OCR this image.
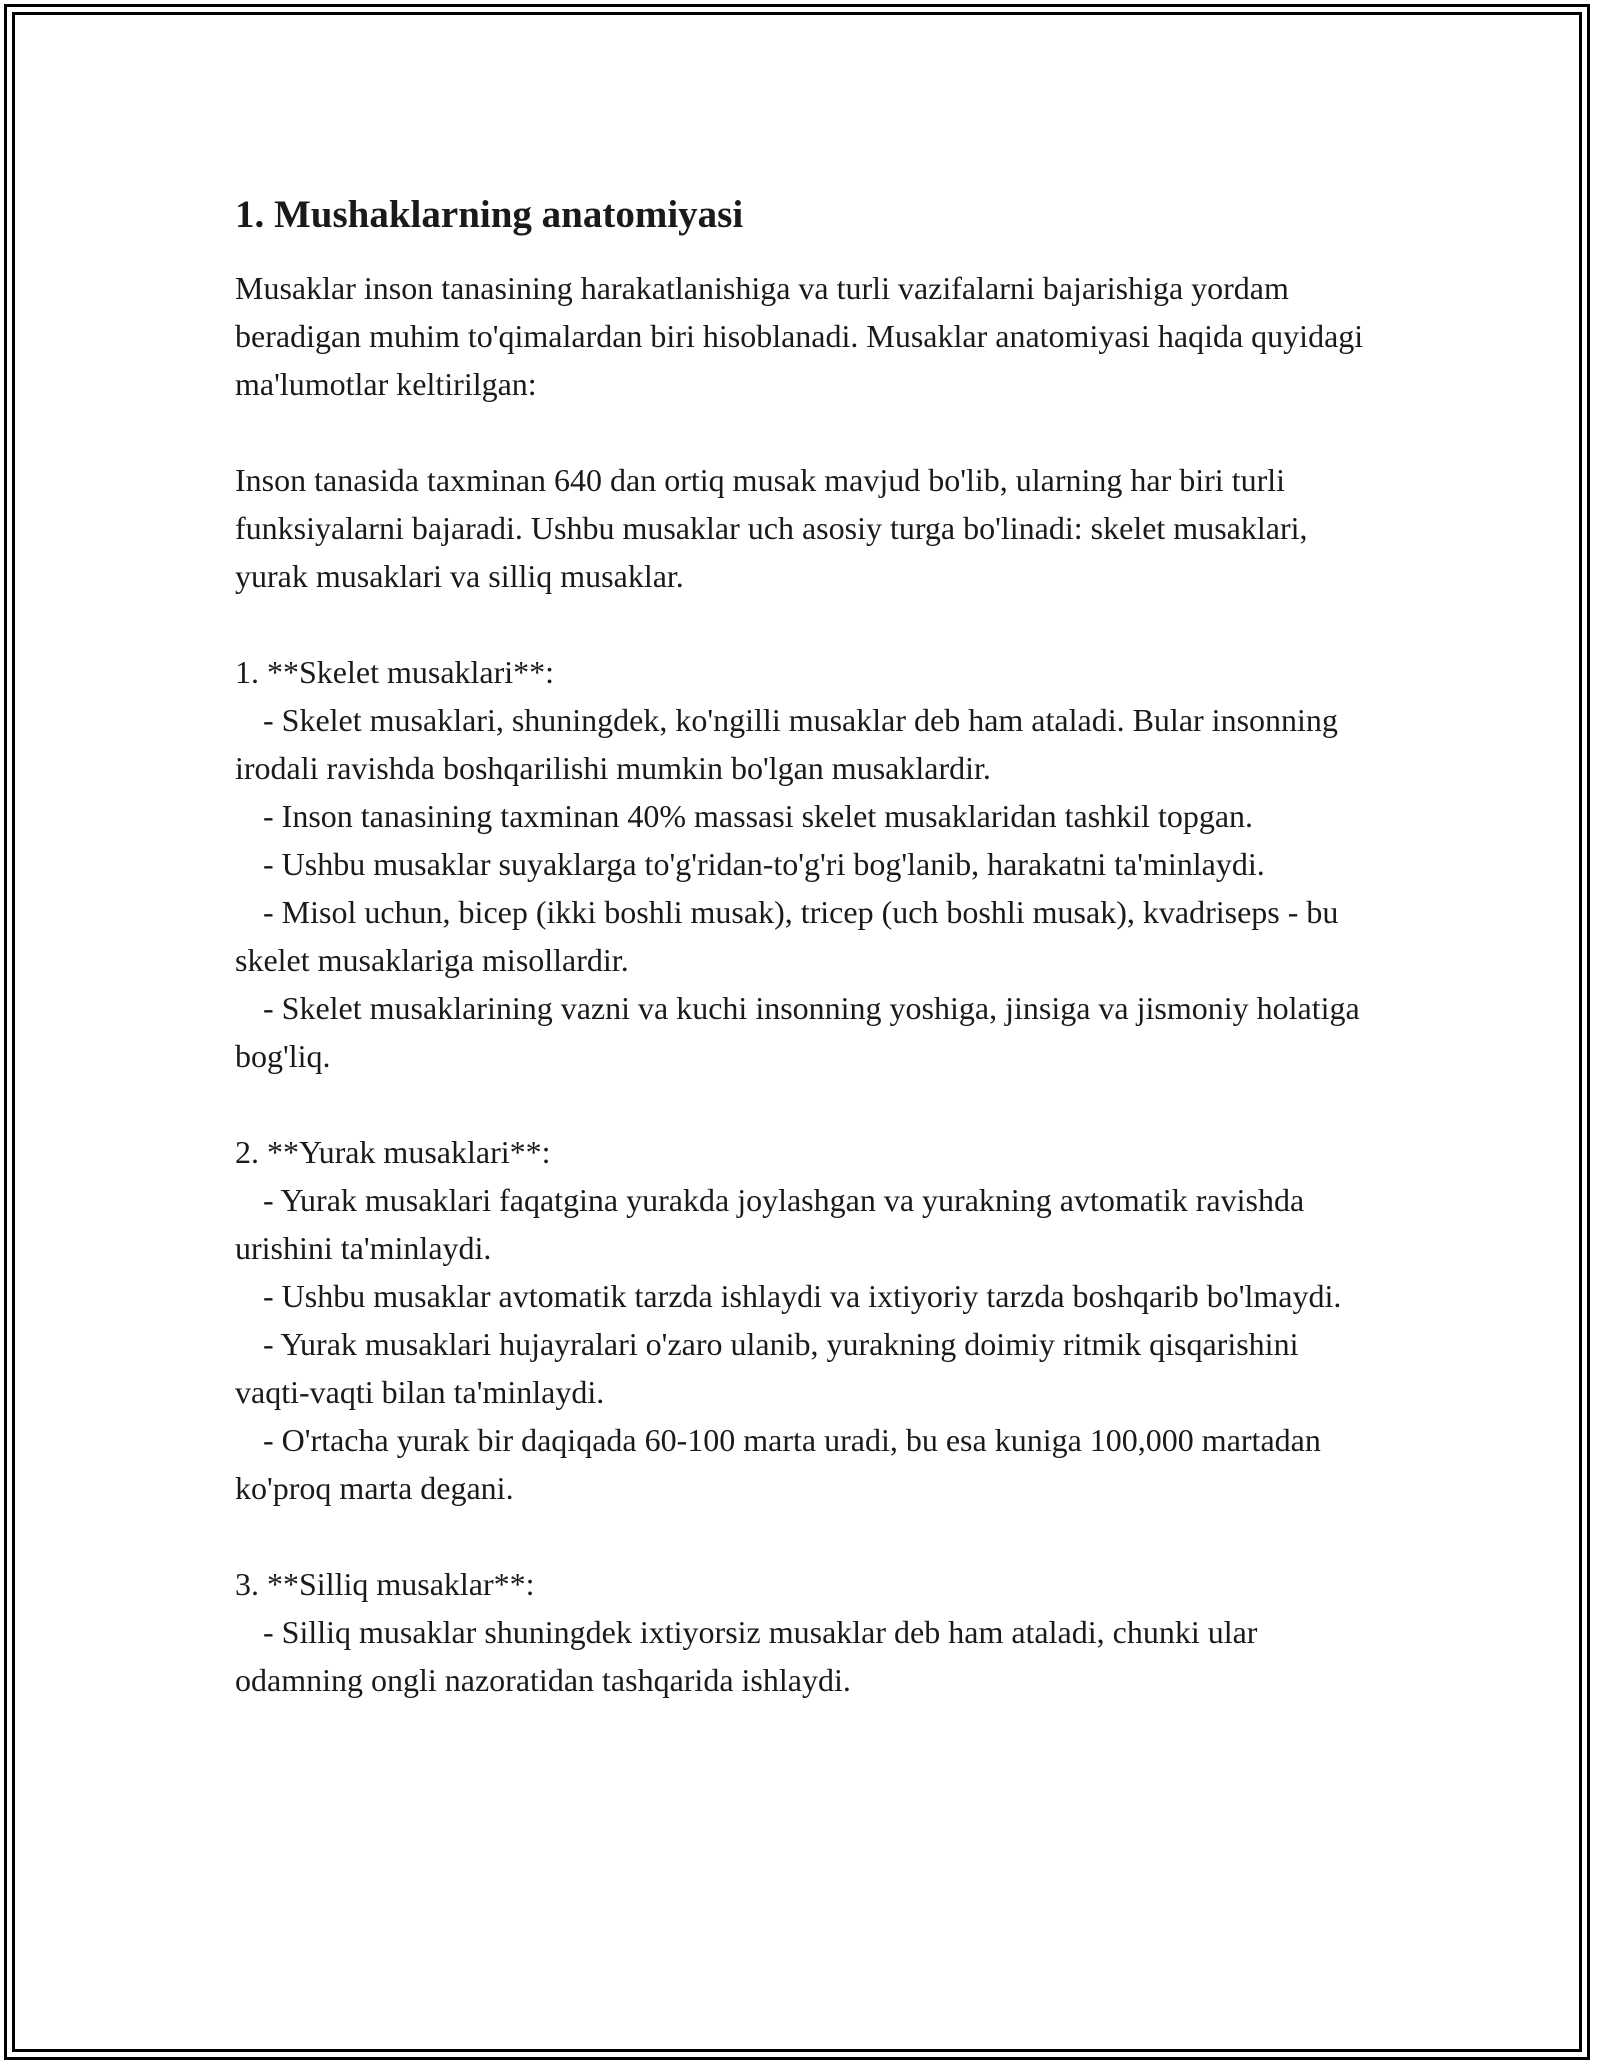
1. Mushaklarning anatomiyasi

Musaklar inson tanasining harakatlanishiga va turli vazifalarni bajarishiga yordam beradigan muhim to'qimalardan biri hisoblanadi. Musaklar anatomiyasi haqida quyidagi ma'lumotlar keltirilgan:

Inson tanasida taxminan 640 dan ortiq musak mavjud bo'lib, ularning har biri turli funksiyalarni bajaradi. Ushbu musaklar uch asosiy turga bo'linadi: skelet musaklari, yurak musaklari va silliq musaklar.

1. **Skelet musaklari**:

- Skelet musaklari, shuningdek, ko'ngilli musaklar deb ham ataladi. Bular insonning irodali ravishda boshqarilishi mumkin bo'lgan musaklardir.

- Inson tanasining taxminan 40% massasi skelet musaklaridan tashkil topgan.

- Ushbu musaklar suyaklarga to'g'ridan-to'g'ri bog'lanib, harakatni ta'minlaydi.

- Misol uchun, bicep (ikki boshli musak), tricep (uch boshli musak), kvadriseps - bu skelet musaklariga misollardir.

- Skelet musaklarining vazni va kuchi insonning yoshiga, jinsiga va jismoniy holatiga bog'liq.

2. **Yurak musaklari**:

- Yurak musaklari faqatgina yurakda joylashgan va yurakning avtomatik ravishda urishini ta'minlaydi.

- Ushbu musaklar avtomatik tarzda ishlaydi va ixtiyoriy tarzda boshqarib bo'lmaydi.

- Yurak musaklari hujayralari o'zaro ulanib, yurakning doimiy ritmik qisqarishini vaqti-vaqti bilan ta'minlaydi.

- O'rtacha yurak bir daqiqada 60-100 marta uradi, bu esa kuniga 100,000 martadan ko'proq marta degani.

3. **Silliq musaklar**:

- Silliq musaklar shuningdek ixtiyorsiz musaklar deb ham ataladi, chunki ular odamning ongli nazoratidan tashqarida ishlaydi.
